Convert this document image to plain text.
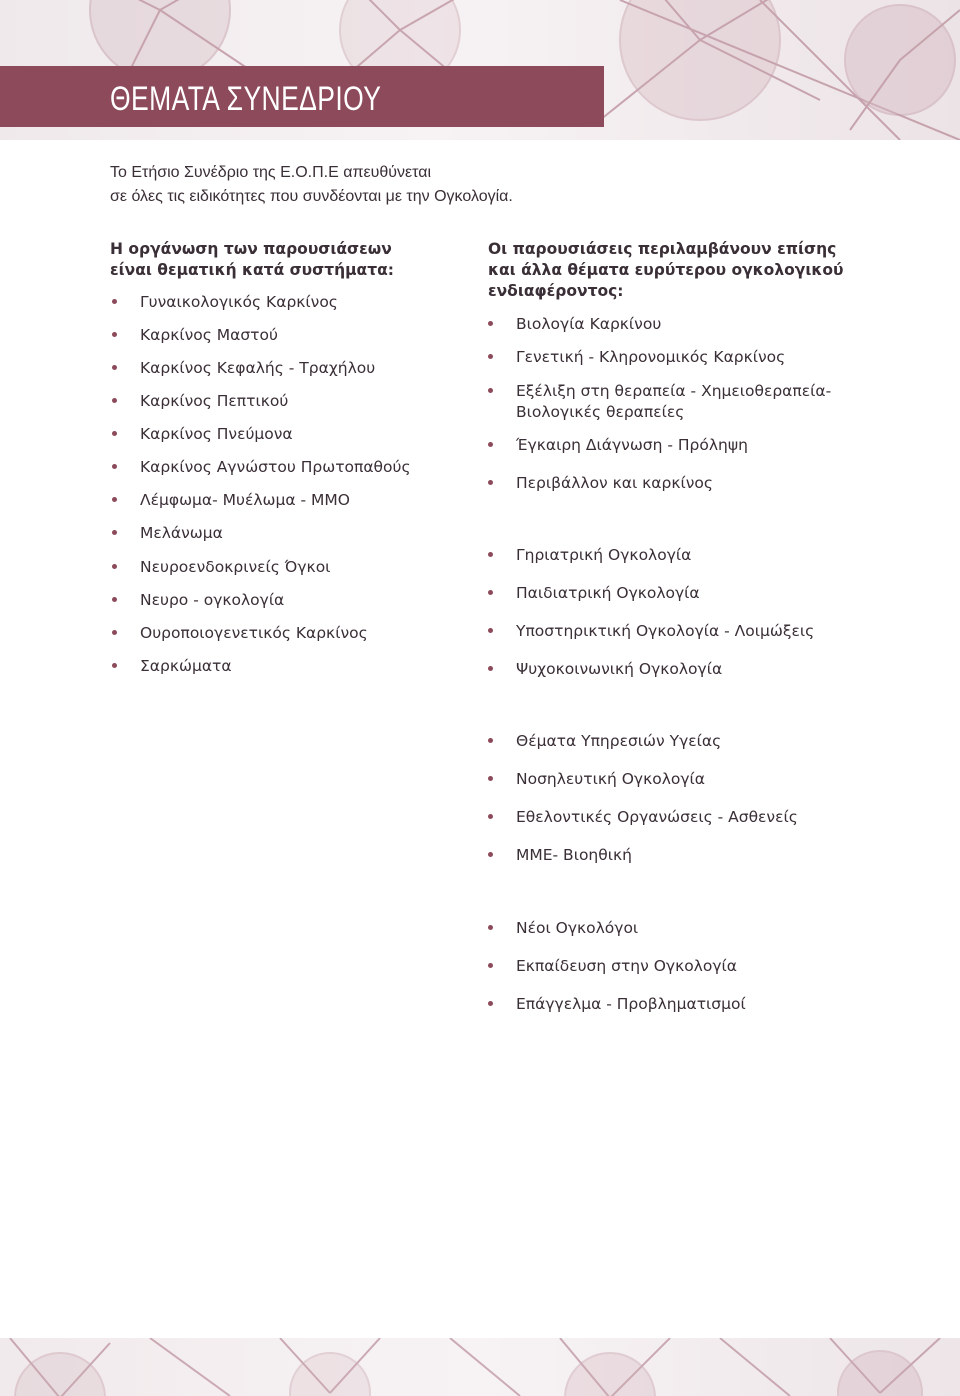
ΘΕΜΑΤΑ ΣΥΝΕΔΡΙΟΥ
Το Ετήσιο Συνέδριο της Ε.Ο.Π.Ε απευθύνεται
σε όλες τις ειδικότητες που συνδέονται με την Ογκολογία.
Η οργάνωση των παρουσιάσεων
είναι θεματική κατά συστήματα:
Γυναικολογικός Καρκίνος
Καρκίνος Μαστού
Καρκίνος Κεφαλής - Τραχήλου
Καρκίνος Πεπτικού
Καρκίνος Πνεύμονα
Καρκίνος Αγνώστου Πρωτοπαθούς
Λέμφωμα- Μυέλωμα - ΜΜΟ
Μελάνωμα
Νευροενδοκρινείς Όγκοι
Νευρο - ογκολογία
Ουροποιογενετικός Καρκίνος
Σαρκώματα
Οι παρουσιάσεις περιλαμβάνουν επίσης
και άλλα θέματα ευρύτερου ογκολογικού
ενδιαφέροντος:
Βιολογία Καρκίνου
Γενετική - Κληρονομικός Καρκίνος
Εξέλιξη στη θεραπεία - Χημειοθεραπεία-
Βιολογικές θεραπείες
Έγκαιρη Διάγνωση - Πρόληψη
Περιβάλλον και καρκίνος
Γηριατρική Ογκολογία
Παιδιατρική Ογκολογία
Υποστηρικτική Ογκολογία - Λοιμώξεις
Ψυχοκοινωνική Ογκολογία
Θέματα Υπηρεσιών Υγείας
Νοσηλευτική Ογκολογία
Εθελοντικές Οργανώσεις - Ασθενείς
ΜΜΕ- Βιοηθική
Νέοι Ογκολόγοι
Εκπαίδευση στην Ογκολογία
Επάγγελμα - Προβληματισμοί
